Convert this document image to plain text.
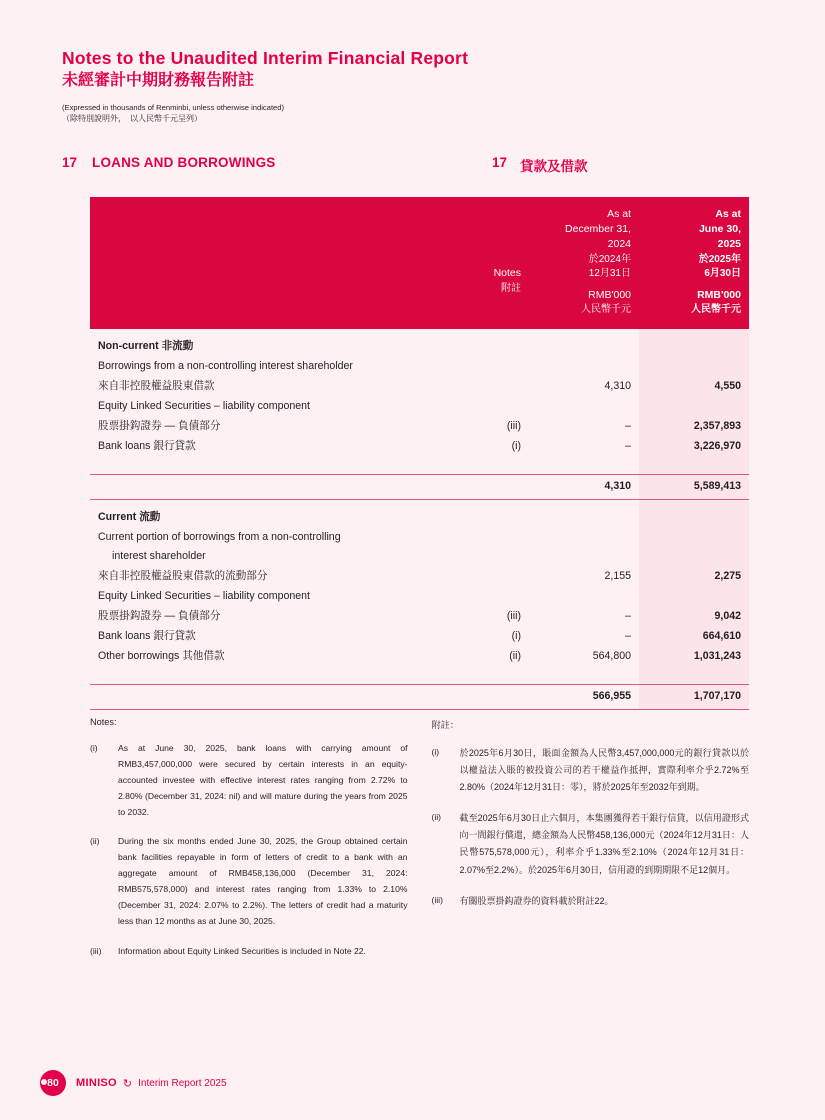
Notes to the Unaudited Interim Financial Report
未經審計中期財務報告附註
(Expressed in thousands of Renminbi, unless otherwise indicated)
（除特別說明外，　以人民幣千元呈列）
17	LOANS AND BORROWINGS	17 貸款及借款

Notes
附註

As at
December 31,
2024
於2024年
12月31日
RMB'000
人民幣千元

As at
June 30,
2025
於2025年
6月30日
RMB'000
人民幣千元

Non-current 非流動			
Borrowings from a non-controlling interest shareholder			
來自非控股權益股東借款		4,310	4,550
Equity Linked Securities – liability component			
股票掛鈎證券 — 負債部分	(iii)	–	2,357,893
Bank loans 銀行貸款	(i)	–	3,226,970

		4,310	5,589,413
Current 流動			
Current portion of borrowings from a non-controlling			
interest shareholder			
來自非控股權益股東借款的流動部分		2,155	2,275
Equity Linked Securities – liability component			
股票掛鈎證券 — 負債部分	(iii)	–	9,042
Bank loans 銀行貸款	(i)	–	664,610
Other borrowings 其他借款	(ii)	564,800	1,031,243

		566,955	1,707,170
Notes:
(i)	As at June 30, 2025, bank loans with carrying amount of RMB3,457,000,000 were secured by certain interests in an equity-accounted investee with effective interest rates ranging from 2.72% to 2.80% (December 31, 2024: nil) and will mature during the years from 2025 to 2032.
(ii)	During the six months ended June 30, 2025, the Group obtained certain bank facilities repayable in form of letters of credit to a bank with an aggregate amount of RMB458,136,000 (December 31, 2024: RMB575,578,000) and interest rates ranging from 1.33% to 2.10% (December 31, 2024: 2.07% to 2.2%). The letters of credit had a maturity less than 12 months as at June 30, 2025.
(iii)	Information about Equity Linked Securities is included in Note 22.
附註：
(i)	於2025年6月30日，賬面金額為人民幣3,457,000,000元的銀行貸款以於以權益法入賬的被投資公司的若干權益作抵押，實際利率介乎2.72%至2.80%（2024年12月31日：零），將於2025年至2032年到期。
(ii)	截至2025年6月30日止六個月，本集團獲得若干銀行信貸，以信用證形式向一間銀行償還，總金額為人民幣458,136,000元（2024年12月31日：人民幣575,578,000元），利率介乎1.33%至2.10%（2024年12月31日：2.07%至2.2%）。於2025年6月30日，信用證的到期期限不足12個月。
(iii)	有關股票掛鈎證券的資料載於附註22。
80	MINISO ↻ Interim Report 2025
